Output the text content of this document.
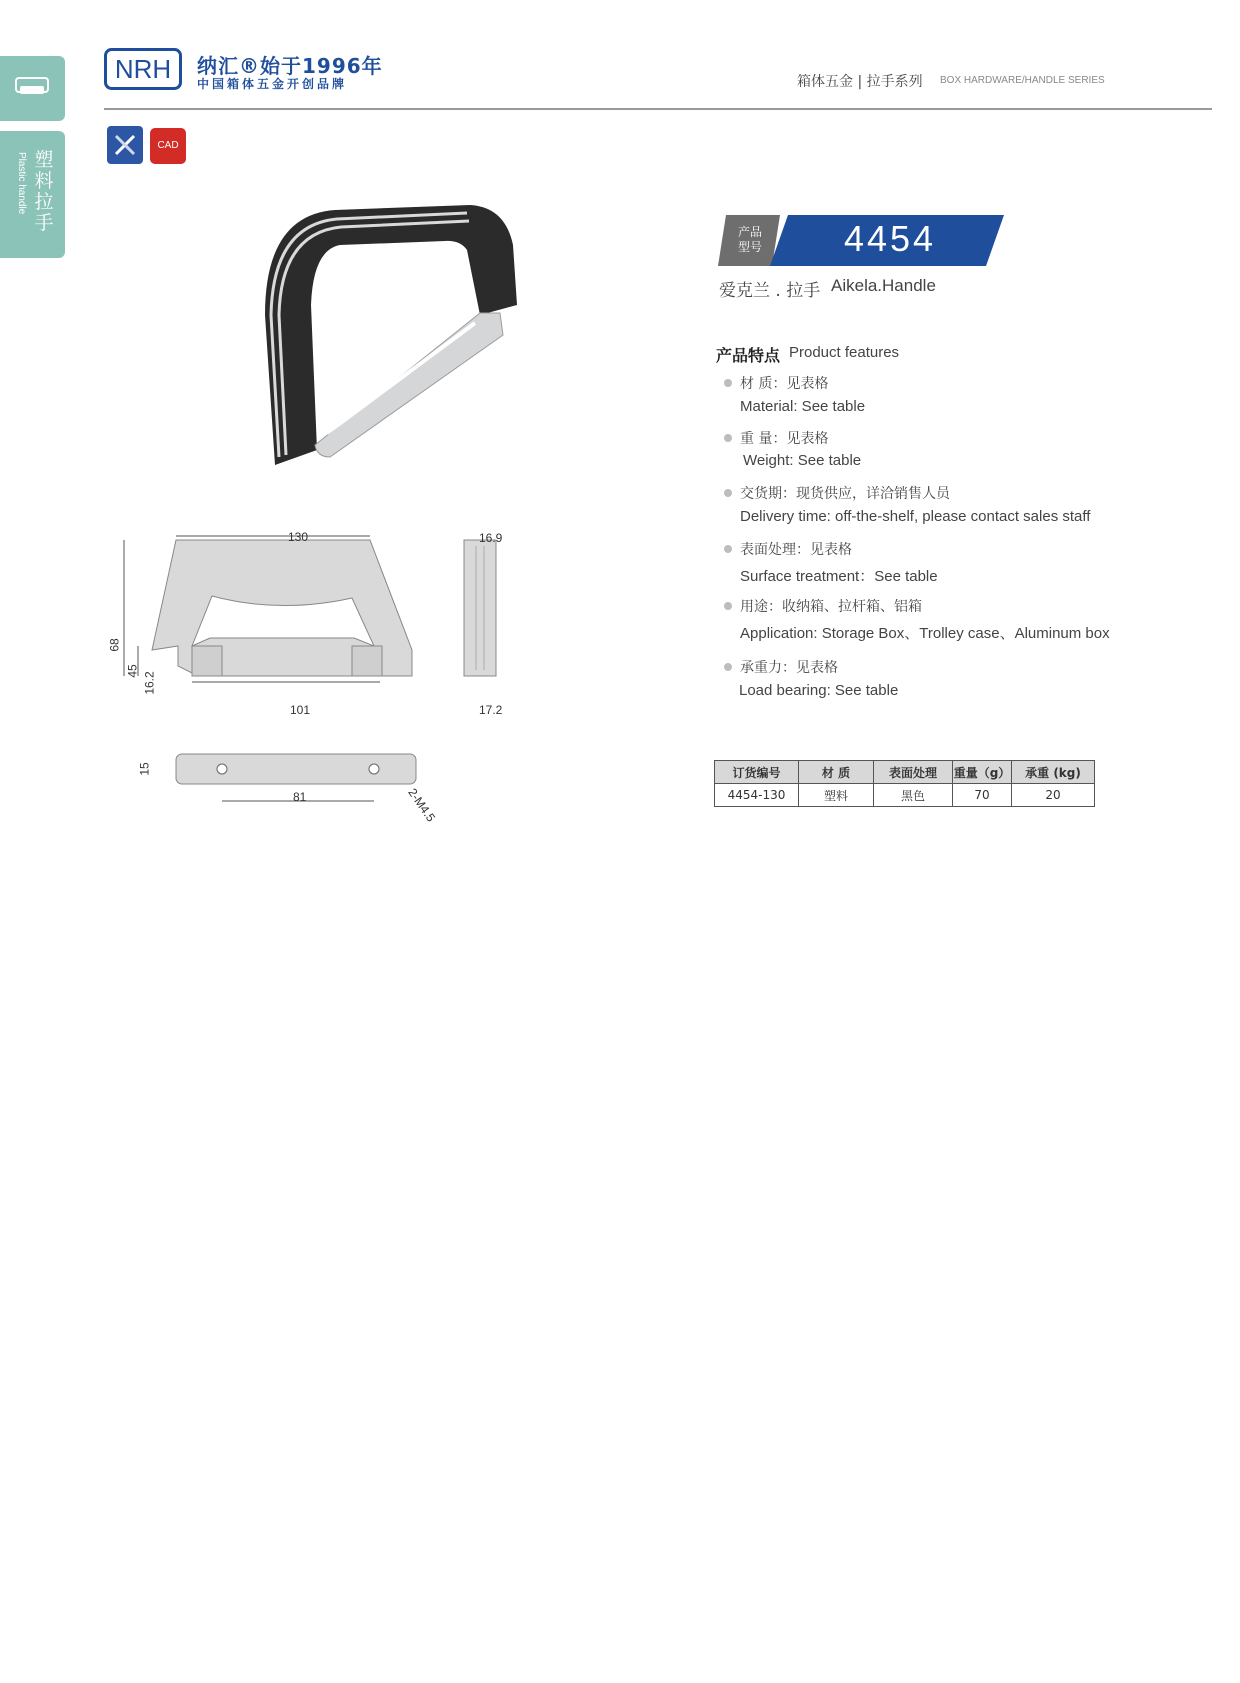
塑料拉手
Plastic handle
NRH 纳汇®始于1996年
中国箱体五金开创品牌	箱体五金 | 拉手系列 BOX HARDWARE/HANDLE SERIES
CAD
130	16.9
68
45
16.2
101	17.2
15
81	2-M4.5
产品
型号	4454
爱克兰 . 拉手 Aikela.Handle
产品特点 Product features
材 质：见表格
Material: See table
重 量：见表格
Weight: See table
交货期：现货供应，详洽销售人员
Delivery time: off-the-shelf, please contact sales staff
表面处理：见表格
Surface treatment：See table
用途：收纳箱、拉杆箱、铝箱
Application: Storage Box、Trolley case、Aluminum box
承重力：见表格
Load bearing: See table
订货编号	材 质	表面处理	重量（g）	承重 (kg)
4454-130	塑料	黑色	70	20
